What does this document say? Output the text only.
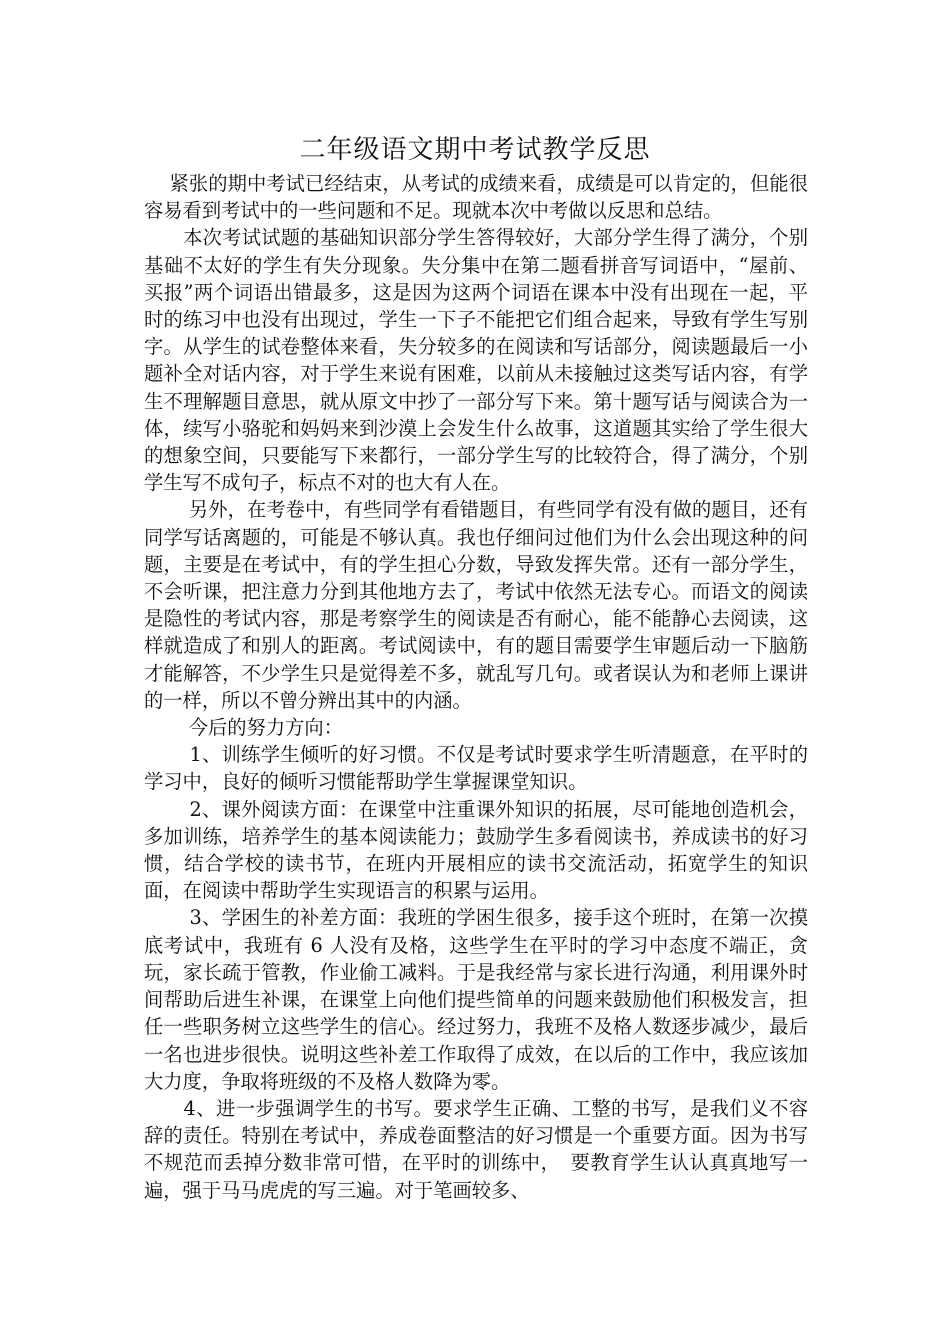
二年级语文期中考试教学反思

　 紧张的期中考试已经结束，从考试的成绩来看，成绩是可以肯定的，但能很容易看到考试中的一些问题和不足。现就本次中考做以反思和总结。

　　本次考试试题的基础知识部分学生答得较好，大部分学生得了满分，个别基础不太好的学生有失分现象。失分集中在第二题看拼音写词语中，“屋前、买报”两个词语出错最多，这是因为这两个词语在课本中没有出现在一起，平时的练习中也没有出现过，学生一下子不能把它们组合起来，导致有学生写别字。从学生的试卷整体来看，失分较多的在阅读和写话部分，阅读题最后一小题补全对话内容，对于学生来说有困难，以前从未接触过这类写话内容，有学生不理解题目意思，就从原文中抄了一部分写下来。第十题写话与阅读合为一体，续写小骆驼和妈妈来到沙漠上会发生什么故事，这道题其实给了学生很大的想象空间，只要能写下来都行，一部分学生写的比较符合，得了满分，个别学生写不成句子，标点不对的也大有人在。

　　 另外，在考卷中，有些同学有看错题目，有些同学有没有做的题目，还有同学写话离题的，可能是不够认真。我也仔细问过他们为什么会出现这种的问题，主要是在考试中，有的学生担心分数，导致发挥失常。还有一部分学生，不会听课，把注意力分到其他地方去了，考试中依然无法专心。而语文的阅读是隐性的考试内容，那是考察学生的阅读是否有耐心，能不能静心去阅读，这样就造成了和别人的距离。考试阅读中，有的题目需要学生审题后动一下脑筋才能解答，不少学生只是觉得差不多，就乱写几句。或者误认为和老师上课讲的一样，所以不曾分辨出其中的内涵。

　　 今后的努力方向：

　　 1、训练学生倾听的好习惯。不仅是考试时要求学生听清题意，在平时的学习中，良好的倾听习惯能帮助学生掌握课堂知识。

　　 2、课外阅读方面：在课堂中注重课外知识的拓展，尽可能地创造机会，多加训练，培养学生的基本阅读能力；鼓励学生多看阅读书，养成读书的好习惯，结合学校的读书节，在班内开展相应的读书交流活动，拓宽学生的知识面，在阅读中帮助学生实现语言的积累与运用。

　　 3、学困生的补差方面：我班的学困生很多，接手这个班时，在第一次摸底考试中，我班有 6 人没有及格，这些学生在平时的学习中态度不端正，贪玩，家长疏于管教，作业偷工减料。于是我经常与家长进行沟通，利用课外时间帮助后进生补课，在课堂上向他们提些简单的问题来鼓励他们积极发言，担任一些职务树立这些学生的信心。经过努力，我班不及格人数逐步减少，最后一名也进步很快。说明这些补差工作取得了成效，在以后的工作中，我应该加大力度，争取将班级的不及格人数降为零。

　　4、进一步强调学生的书写。要求学生正确、工整的书写，是我们义不容辞的责任。特别在考试中，养成卷面整洁的好习惯是一个重要方面。因为书写不规范而丢掉分数非常可惜，在平时的训练中，　要教育学生认认真真地写一遍，强于马马虎虎的写三遍。对于笔画较多、
